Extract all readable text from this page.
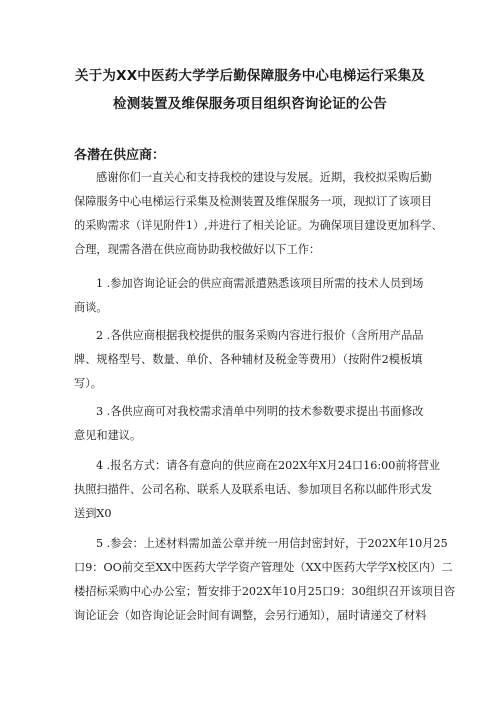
关于为XX中医药大学学后勤保障服务中心电梯运行采集及
检测装置及维保服务项目组织咨询论证的公告
各潜在供应商：
感谢你们一直关心和支持我校的建设与发展。近期，我校拟采购后勤
保障服务中心电梯运行采集及检测装置及维保服务一项，现拟订了该项目
的采购需求（详见附件1）,并进行了相关论证。为确保项目建设更加科学、
合理，现需各潜在供应商协助我校做好以下工作：
1 .参加咨询论证会的供应商需派遣熟悉该项目所需的技术人员到场
商谈。
2 .各供应商根据我校提供的服务采购内容进行报价（含所用产品品
牌、规格型号、数量、单价、各种辅材及税金等费用）（按附件2模板填
写）。
3 .各供应商可对我校需求清单中列明的技术参数要求提出书面修改
意见和建议。
4 .报名方式：请各有意向的供应商在202X年X月24口16:00前将营业
执照扫描件、公司名称、联系人及联系电话、参加项目名称以邮件形式发
送到X0
5 .参会：上述材料需加盖公章并统一用信封密封好，于202X年10月25
口9：OO前交至XX中医药大学学资产管理处（XX中医药大学学X校区内）二
楼招标采购中心办公室；暂安排于202X年10月25口9：30组织召开该项目咨
询论证会（如咨询论证会时间有调整，会另行通知），届时请递交了材料
